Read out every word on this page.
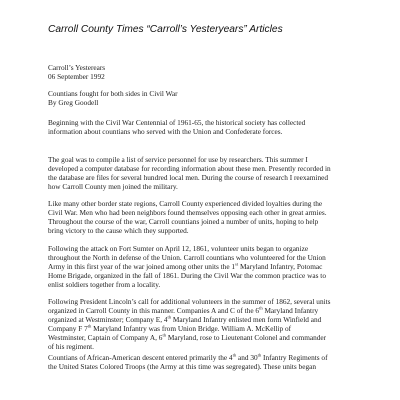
Carroll County Times “Carroll’s Yesteryears” Articles

Carroll’s Yesterears

06 September 1992

Countians fought for both sides in Civil War

By Greg Goodell

Beginning with the Civil War Centennial of 1961-65, the historical society has collected

information about countians who served with the Union and Confederate forces.

The goal was to compile a list of service personnel for use by researchers. This summer I

developed a computer database for recording information about these men. Presently recorded in

the database are files for several hundred local men. During the course of research I reexamined

how Carroll County men joined the military.

Like many other border state regions, Carroll County experienced divided loyalties during the

Civil War. Men who had been neighbors found themselves opposing each other in great armies.

Throughout the course of the war, Carroll countians joined a number of units, hoping to help

bring victory to the cause which they supported.

Following the attack on Fort Sumter on April 12, 1861, volunteer units began to organize

throughout the North in defense of the Union. Carroll countians who volunteered for the Union

Army in this first year of the war joined among other units the 1st Maryland Infantry, Potomac

Home Brigade, organized in the fall of 1861. During the Civil War the common practice was to

enlist soldiers together from a locality.

Following President Lincoln’s call for additional volunteers in the summer of 1862, several units

organized in Carroll County in this manner. Companies A and C of the 6th Maryland Infantry

organized at Westminster; Company E, 4th Maryland Infantry enlisted men form Winfield and

Company F 7th Maryland Infantry was from Union Bridge. William A. McKellip of

Westminster, Captain of Company A, 6th Maryland, rose to Lieutenant Colonel and commander

of his regiment.

Countians of African-American descent entered primarily the 4th and 30th Infantry Regiments of

the United States Colored Troops (the Army at this time was segregated). These units began
